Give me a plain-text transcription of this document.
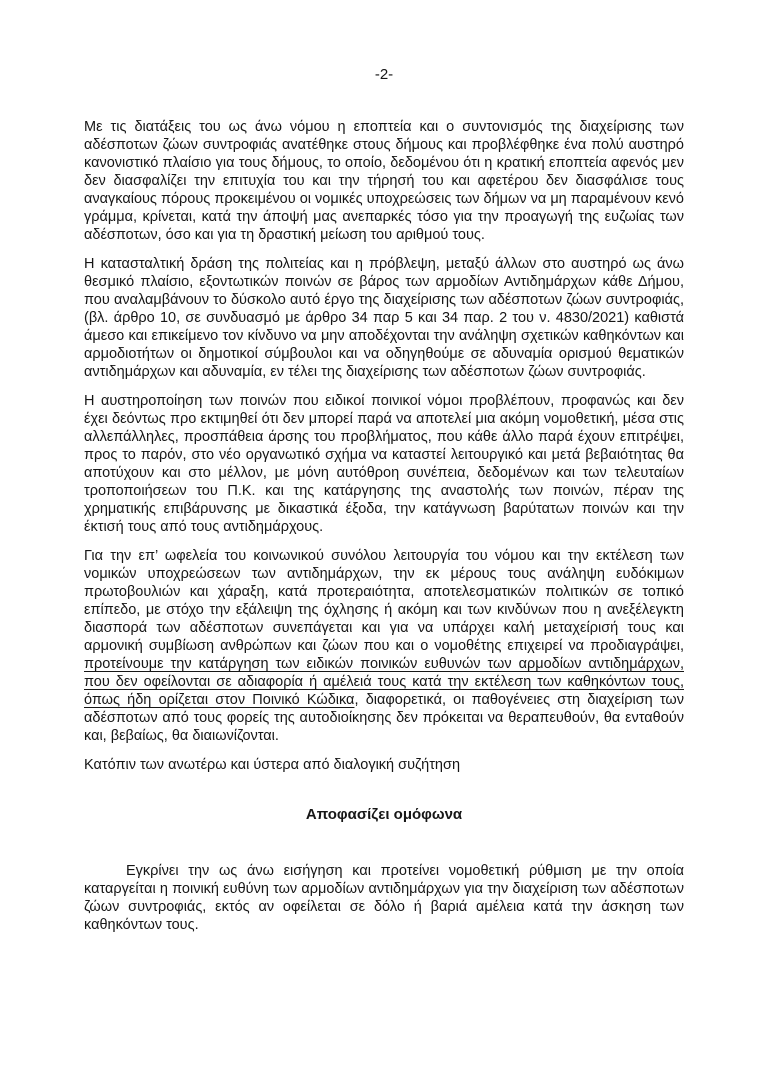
-2-

Με τις διατάξεις του ως άνω νόμου η εποπτεία και ο συντονισμός της διαχείρισης των αδέσποτων ζώων συντροφιάς ανατέθηκε στους δήμους και προβλέφθηκε ένα πολύ αυστηρό κανονιστικό πλαίσιο για τους δήμους, το οποίο, δεδομένου ότι η κρατική εποπτεία αφενός μεν δεν διασφαλίζει την επιτυχία του και την τήρησή του και αφετέρου δεν διασφάλισε τους αναγκαίους πόρους προκειμένου οι νομικές υποχρεώσεις των δήμων να μη παραμένουν κενό γράμμα, κρίνεται, κατά την άποψή μας ανεπαρκές τόσο για την προαγωγή της ευζωίας των αδέσποτων, όσο και για τη δραστική μείωση του αριθμού τους.

Η κατασταλτική δράση της πολιτείας και η πρόβλεψη, μεταξύ άλλων στο αυστηρό ως άνω θεσμικό πλαίσιο, εξοντωτικών ποινών σε βάρος των αρμοδίων Αντιδημάρχων κάθε Δήμου, που αναλαμβάνουν το δύσκολο αυτό έργο της διαχείρισης των αδέσποτων ζώων συντροφιάς, (βλ. άρθρο 10, σε συνδυασμό με άρθρο 34 παρ 5 και 34 παρ. 2 του ν. 4830/2021) καθιστά άμεσο και επικείμενο τον κίνδυνο να μην αποδέχονται την ανάληψη σχετικών καθηκόντων και αρμοδιοτήτων οι δημοτικοί σύμβουλοι και να οδηγηθούμε σε αδυναμία ορισμού θεματικών αντιδημάρχων και αδυναμία, εν τέλει της διαχείρισης των αδέσποτων ζώων συντροφιάς.

Η αυστηροποίηση των ποινών που ειδικοί ποινικοί νόμοι προβλέπουν, προφανώς και δεν έχει δεόντως προ εκτιμηθεί ότι δεν μπορεί παρά να αποτελεί μια ακόμη νομοθετική, μέσα στις αλλεπάλληλες, προσπάθεια άρσης του προβλήματος, που κάθε άλλο παρά έχουν επιτρέψει, προς το παρόν, στο νέο οργανωτικό σχήμα να καταστεί λειτουργικό και μετά βεβαιότητας θα αποτύχουν και στο μέλλον, με μόνη αυτόθροη συνέπεια, δεδομένων και των τελευταίων τροποποιήσεων του Π.Κ. και της κατάργησης της αναστολής των ποινών, πέραν της χρηματικής επιβάρυνσης με δικαστικά έξοδα, την κατάγνωση βαρύτατων ποινών και την έκτισή τους από τους αντιδημάρχους.

Για την επ’ ωφελεία του κοινωνικού συνόλου λειτουργία του νόμου και την εκτέλεση των νομικών υποχρεώσεων των αντιδημάρχων, την εκ μέρους τους ανάληψη ευδόκιμων πρωτοβουλιών και χάραξη, κατά προτεραιότητα, αποτελεσματικών πολιτικών σε τοπικό επίπεδο, με στόχο την εξάλειψη της όχλησης ή ακόμη και των κινδύνων που η ανεξέλεγκτη διασπορά των αδέσποτων συνεπάγεται και για να υπάρχει καλή μεταχείρισή τους και αρμονική συμβίωση ανθρώπων και ζώων που και ο νομοθέτης επιχειρεί να προδιαγράψει, προτείνουμε την κατάργηση των ειδικών ποινικών ευθυνών των αρμοδίων αντιδημάρχων, που δεν οφείλονται σε αδιαφορία ή αμέλειά τους κατά την εκτέλεση των καθηκόντων τους, όπως ήδη ορίζεται στον Ποινικό Κώδικα, διαφορετικά, οι παθογένειες στη διαχείριση των αδέσποτων από τους φορείς της αυτοδιοίκησης δεν πρόκειται να θεραπευθούν, θα ενταθούν και, βεβαίως, θα διαιωνίζονται.

Κατόπιν των ανωτέρω και ύστερα από διαλογική συζήτηση

Αποφασίζει ομόφωνα

Εγκρίνει την ως άνω εισήγηση και προτείνει νομοθετική ρύθμιση με την οποία καταργείται η ποινική ευθύνη των αρμοδίων αντιδημάρχων για την διαχείριση των αδέσποτων ζώων συντροφιάς, εκτός αν οφείλεται σε δόλο ή βαριά αμέλεια κατά την άσκηση των καθηκόντων τους.
